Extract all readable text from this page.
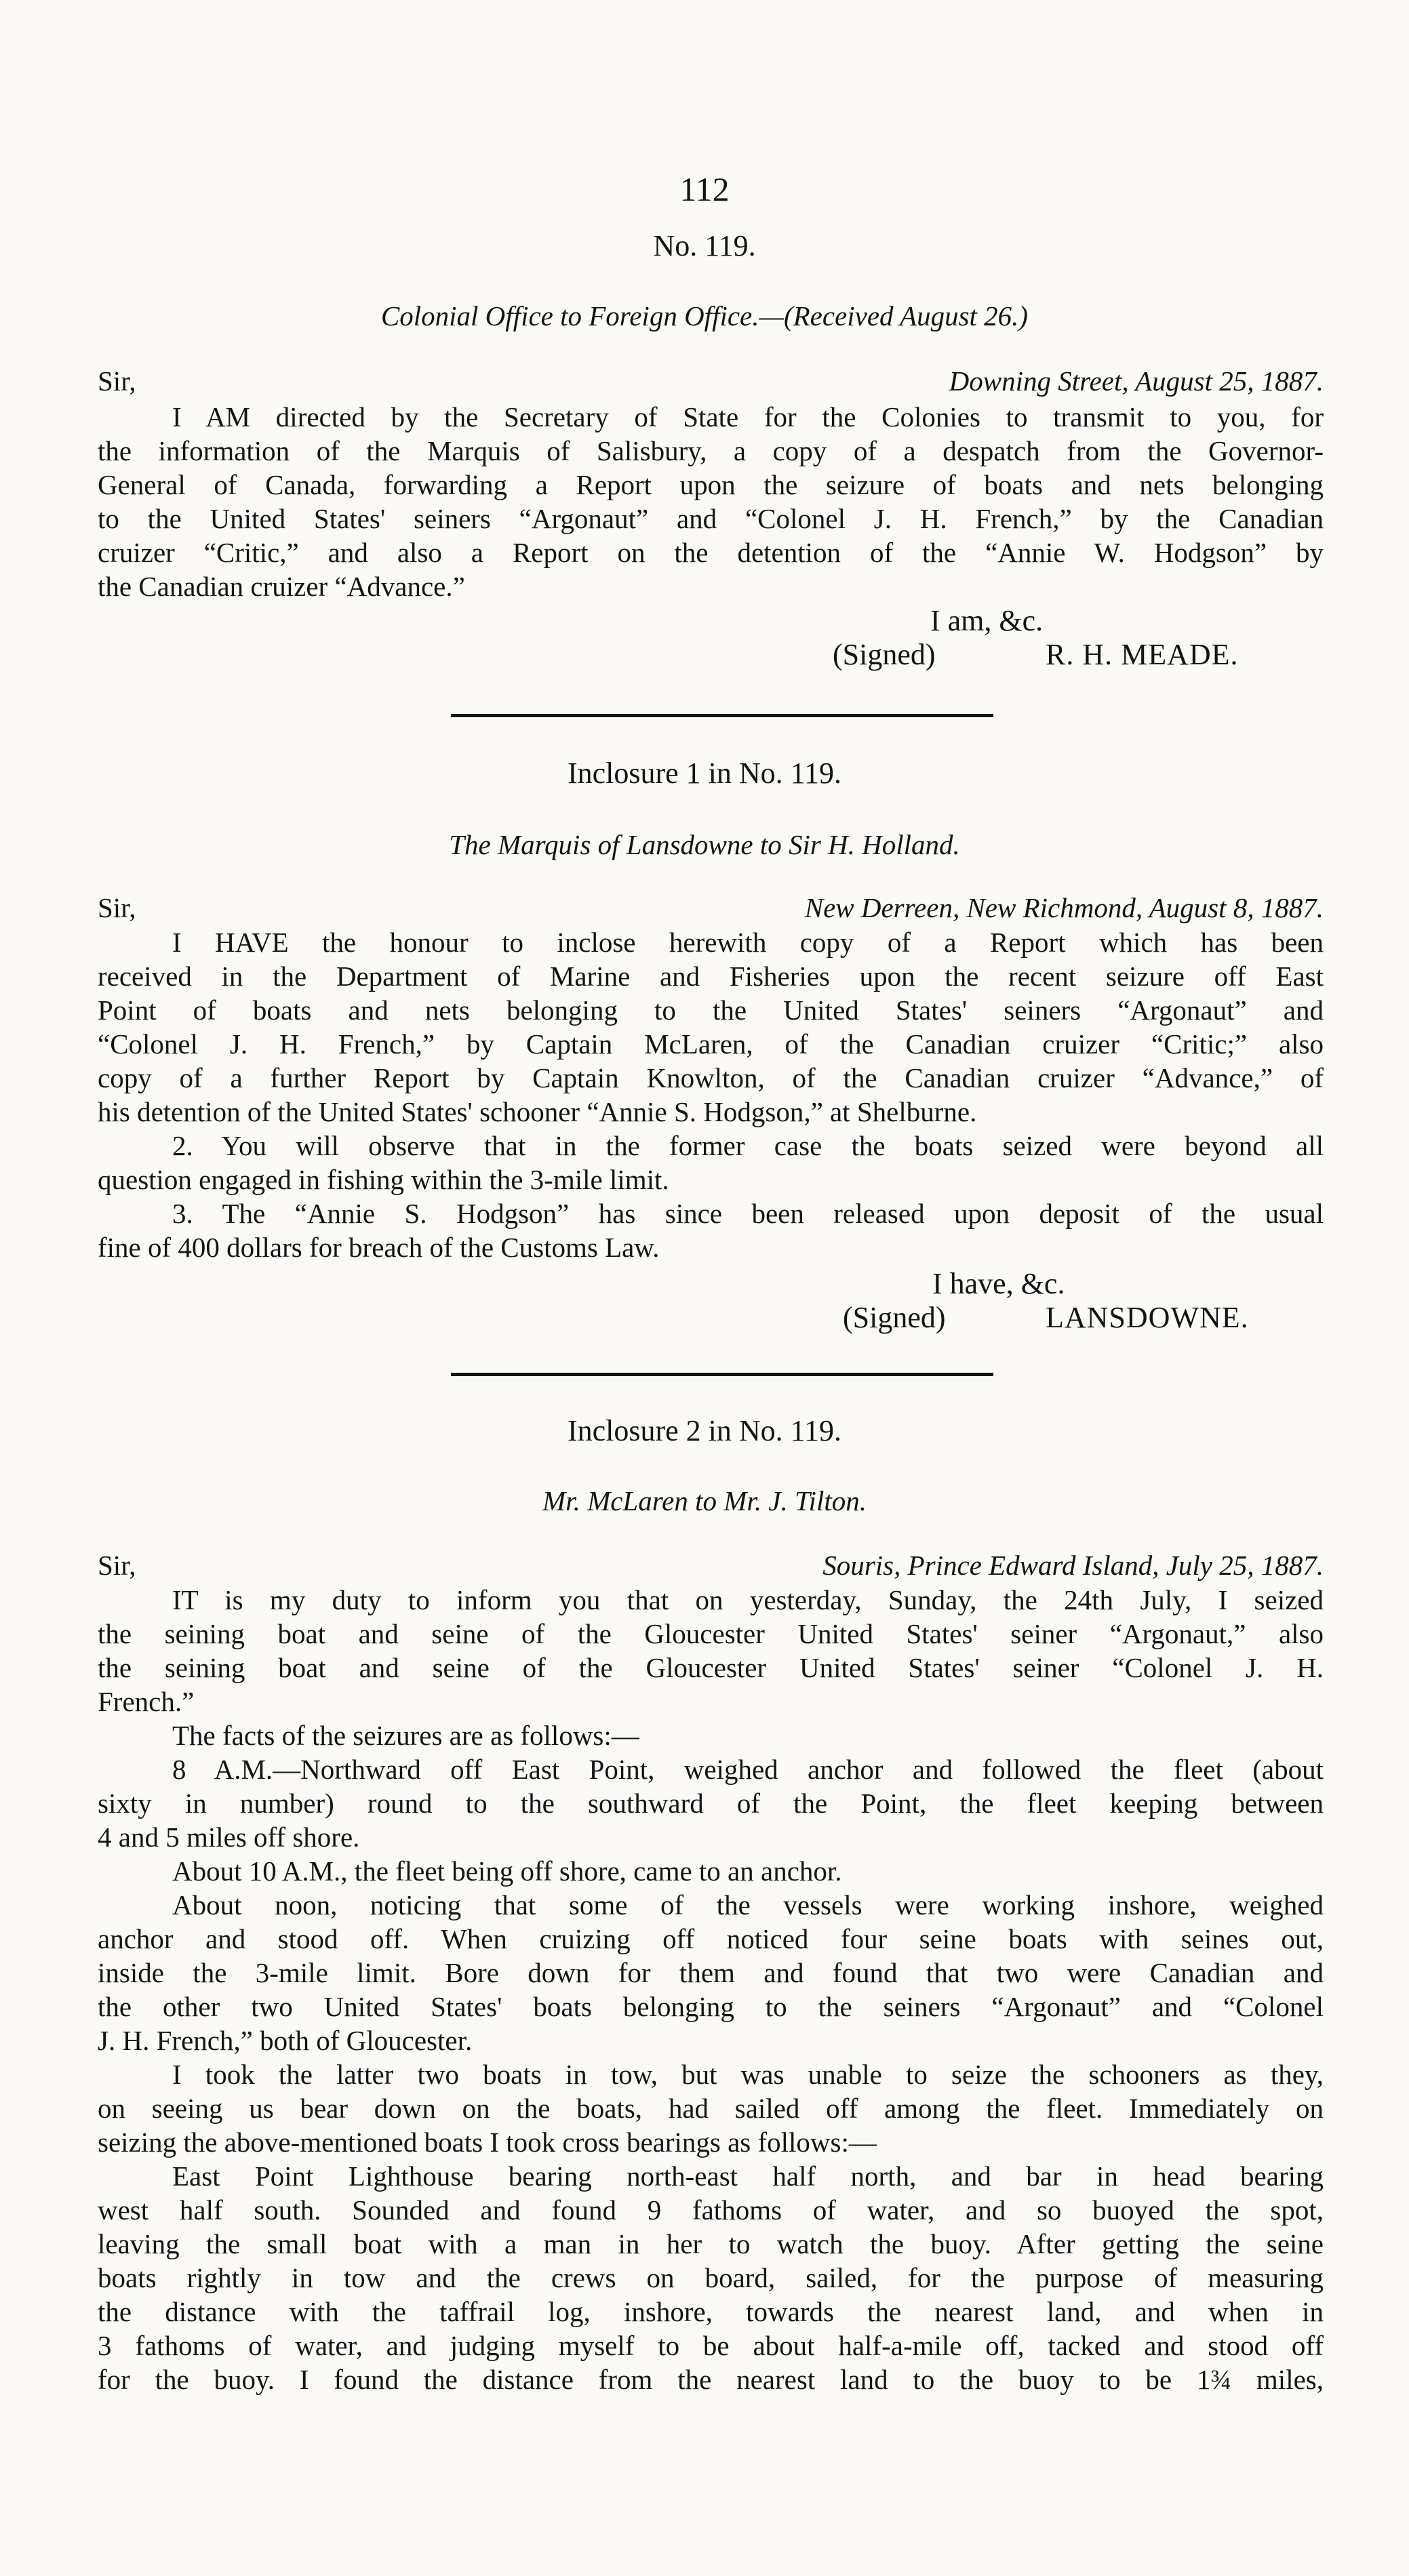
112
No. 119.
Colonial Office to Foreign Office.—(Received August 26.)
Sir,	Downing Street, August 25, 1887.
I AM directed by the Secretary of State for the Colonies to transmit to you, for
the information of the Marquis of Salisbury, a copy of a despatch from the Governor-
General of Canada, forwarding a Report upon the seizure of boats and nets belonging
to the United States' seiners “Argonaut” and “Colonel J. H. French,” by the Canadian
cruizer “Critic,” and also a Report on the detention of the “Annie W. Hodgson” by
the Canadian cruizer “Advance.”
I am, &c.
(Signed)	R. H. MEADE.
Inclosure 1 in No. 119.
The Marquis of Lansdowne to Sir H. Holland.
Sir,	New Derreen, New Richmond, August 8, 1887.
I HAVE the honour to inclose herewith copy of a Report which has been
received in the Department of Marine and Fisheries upon the recent seizure off East
Point of boats and nets belonging to the United States' seiners “Argonaut” and
“Colonel J. H. French,” by Captain McLaren, of the Canadian cruizer “Critic;” also
copy of a further Report by Captain Knowlton, of the Canadian cruizer “Advance,” of
his detention of the United States' schooner “Annie S. Hodgson,” at Shelburne.
2. You will observe that in the former case the boats seized were beyond all
question engaged in fishing within the 3-mile limit.
3. The “Annie S. Hodgson” has since been released upon deposit of the usual
fine of 400 dollars for breach of the Customs Law.
I have, &c.
(Signed)	LANSDOWNE.
Inclosure 2 in No. 119.
Mr. McLaren to Mr. J. Tilton.
Sir,	Souris, Prince Edward Island, July 25, 1887.
IT is my duty to inform you that on yesterday, Sunday, the 24th July, I seized
the seining boat and seine of the Gloucester United States' seiner “Argonaut,” also
the seining boat and seine of the Gloucester United States' seiner “Colonel J. H.
French.”
The facts of the seizures are as follows:—
8 A.M.—Northward off East Point, weighed anchor and followed the fleet (about
sixty in number) round to the southward of the Point, the fleet keeping between
4 and 5 miles off shore.
About 10 A.M., the fleet being off shore, came to an anchor.
About noon, noticing that some of the vessels were working inshore, weighed
anchor and stood off. When cruizing off noticed four seine boats with seines out,
inside the 3-mile limit. Bore down for them and found that two were Canadian and
the other two United States' boats belonging to the seiners “Argonaut” and “Colonel
J. H. French,” both of Gloucester.
I took the latter two boats in tow, but was unable to seize the schooners as they,
on seeing us bear down on the boats, had sailed off among the fleet. Immediately on
seizing the above-mentioned boats I took cross bearings as follows:—
East Point Lighthouse bearing north-east half north, and bar in head bearing
west half south. Sounded and found 9 fathoms of water, and so buoyed the spot,
leaving the small boat with a man in her to watch the buoy. After getting the seine
boats rightly in tow and the crews on board, sailed, for the purpose of measuring
the distance with the taffrail log, inshore, towards the nearest land, and when in
3 fathoms of water, and judging myself to be about half-a-mile off, tacked and stood off
for the buoy. I found the distance from the nearest land to the buoy to be 1¾ miles,
